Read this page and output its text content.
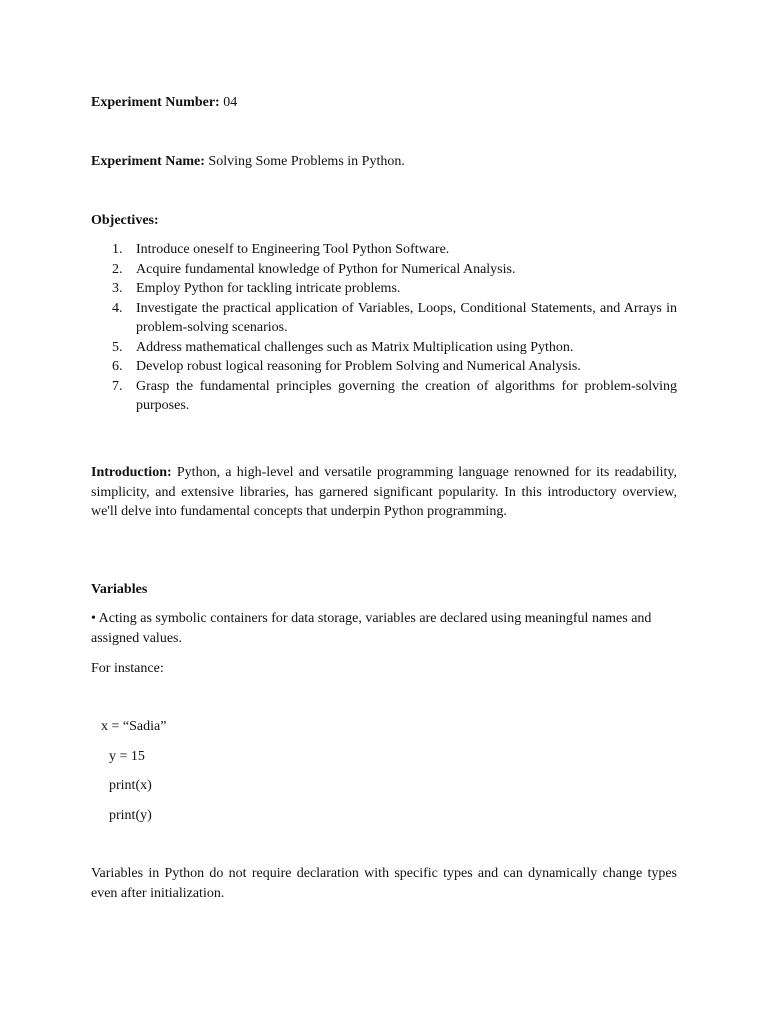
Experiment Number: 04

Experiment Name: Solving Some Problems in Python.

Objectives:

1. Introduce oneself to Engineering Tool Python Software.
2. Acquire fundamental knowledge of Python for Numerical Analysis.
3. Employ Python for tackling intricate problems.
4. Investigate the practical application of Variables, Loops, Conditional Statements, and Arrays in problem-solving scenarios.
5. Address mathematical challenges such as Matrix Multiplication using Python.
6. Develop robust logical reasoning for Problem Solving and Numerical Analysis.
7. Grasp the fundamental principles governing the creation of algorithms for problem-solving purposes.

Introduction: Python, a high-level and versatile programming language renowned for its readability, simplicity, and extensive libraries, has garnered significant popularity. In this introductory overview, we'll delve into fundamental concepts that underpin Python programming.

Variables

• Acting as symbolic containers for data storage, variables are declared using meaningful names and assigned values.

For instance:

x = “Sadia”
y = 15
print(x)
print(y)

Variables in Python do not require declaration with specific types and can dynamically change types even after initialization.
